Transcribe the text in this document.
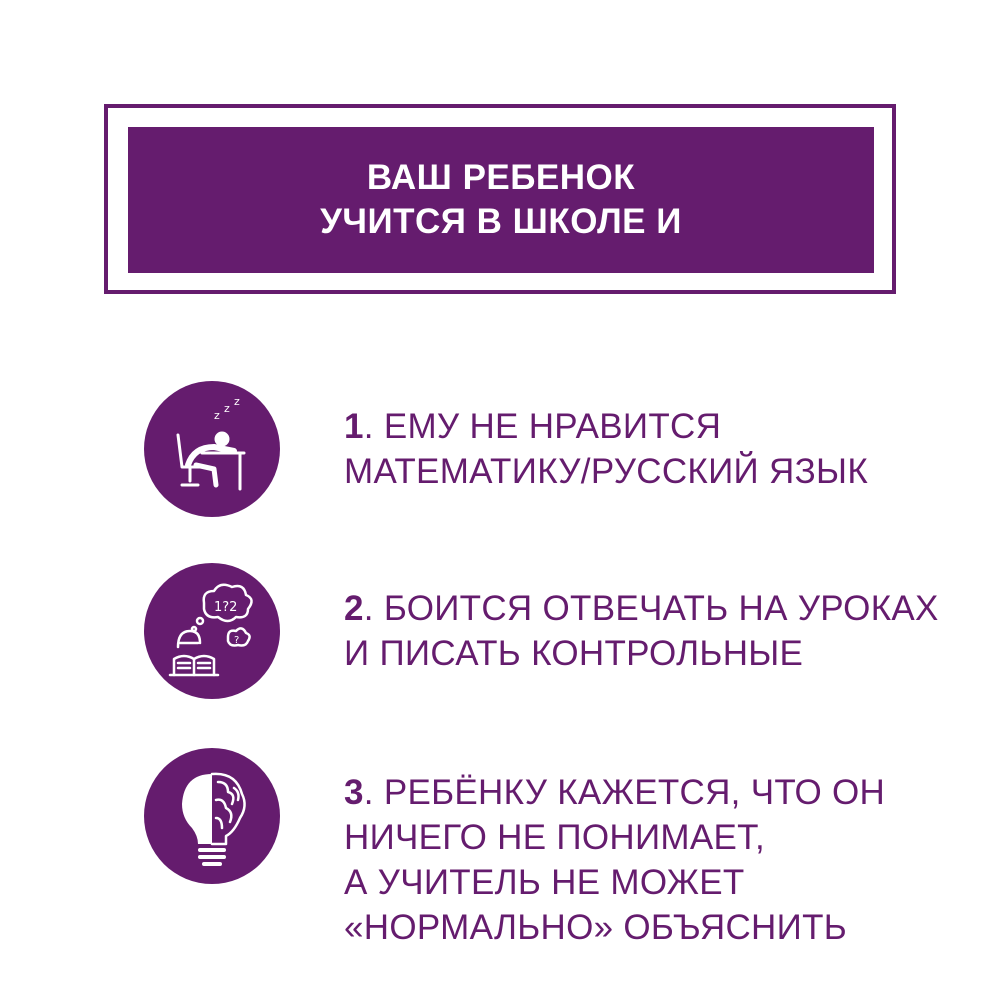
ВАШ РЕБЕНОК
УЧИТСЯ В ШКОЛЕ И
z
z
z
1. ЕМУ НЕ НРАВИТСЯ
МАТЕМАТИКУ/РУССКИЙ ЯЗЫК
1?2
?
2. БОИТСЯ ОТВЕЧАТЬ НА УРОКАХ
И ПИСАТЬ КОНТРОЛЬНЫЕ
3. РЕБЁНКУ КАЖЕТСЯ, ЧТО ОН
НИЧЕГО НЕ ПОНИМАЕТ,
А УЧИТЕЛЬ НЕ МОЖЕТ
«НОРМАЛЬНО» ОБЪЯСНИТЬ
